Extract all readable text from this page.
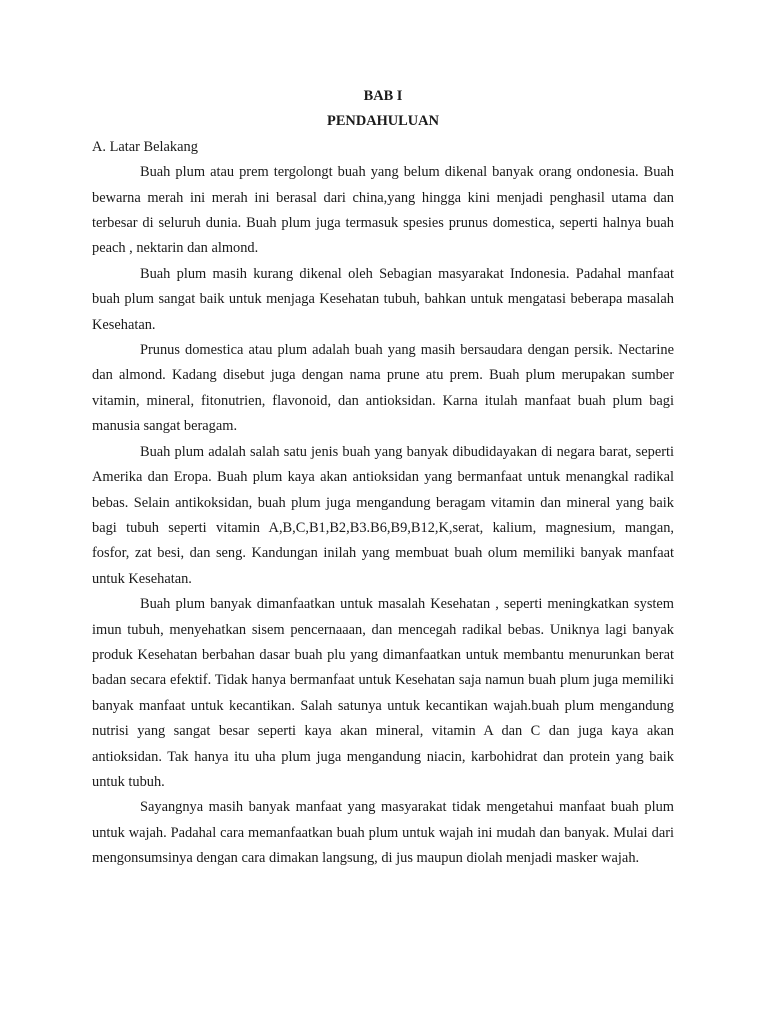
BAB I

PENDAHULUAN

A. Latar Belakang

Buah plum atau prem tergolongt buah yang belum dikenal banyak orang ondonesia. Buah bewarna merah ini merah ini berasal dari china,yang hingga kini menjadi penghasil utama dan terbesar di seluruh dunia. Buah plum juga termasuk spesies prunus domestica, seperti halnya buah peach , nektarin dan almond.

Buah plum masih kurang dikenal oleh Sebagian masyarakat Indonesia. Padahal manfaat buah plum sangat baik untuk menjaga Kesehatan tubuh, bahkan untuk mengatasi beberapa masalah Kesehatan.

Prunus domestica atau plum adalah buah yang masih bersaudara dengan persik. Nectarine dan almond. Kadang disebut juga dengan nama prune atu prem. Buah plum merupakan sumber vitamin, mineral, fitonutrien, flavonoid, dan antioksidan. Karna itulah manfaat buah plum bagi manusia sangat beragam.

Buah plum adalah salah satu jenis buah yang banyak dibudidayakan di negara barat, seperti Amerika dan Eropa. Buah plum kaya akan antioksidan yang bermanfaat untuk menangkal radikal bebas. Selain antikoksidan, buah plum juga mengandung beragam vitamin dan mineral yang baik bagi tubuh seperti vitamin A,B,C,B1,B2,B3.B6,B9,B12,K,serat, kalium, magnesium, mangan, fosfor, zat besi, dan seng. Kandungan inilah yang membuat buah olum memiliki banyak manfaat untuk Kesehatan.

Buah plum banyak dimanfaatkan untuk masalah Kesehatan , seperti meningkatkan system imun tubuh, menyehatkan sisem pencernaaan, dan mencegah radikal bebas. Uniknya lagi banyak produk Kesehatan berbahan dasar buah plu yang dimanfaatkan untuk membantu menurunkan berat badan secara efektif. Tidak hanya bermanfaat untuk Kesehatan saja namun buah plum juga memiliki banyak manfaat untuk kecantikan. Salah satunya untuk kecantikan wajah.buah plum mengandung nutrisi yang sangat besar seperti kaya akan mineral, vitamin A dan C dan juga kaya akan antioksidan. Tak hanya itu uha plum juga mengandung niacin, karbohidrat dan protein yang baik untuk tubuh.

Sayangnya masih banyak manfaat yang masyarakat tidak mengetahui manfaat buah plum untuk wajah. Padahal cara memanfaatkan buah plum untuk wajah ini mudah dan banyak. Mulai dari mengonsumsinya dengan cara dimakan langsung, di jus maupun diolah menjadi masker wajah.
